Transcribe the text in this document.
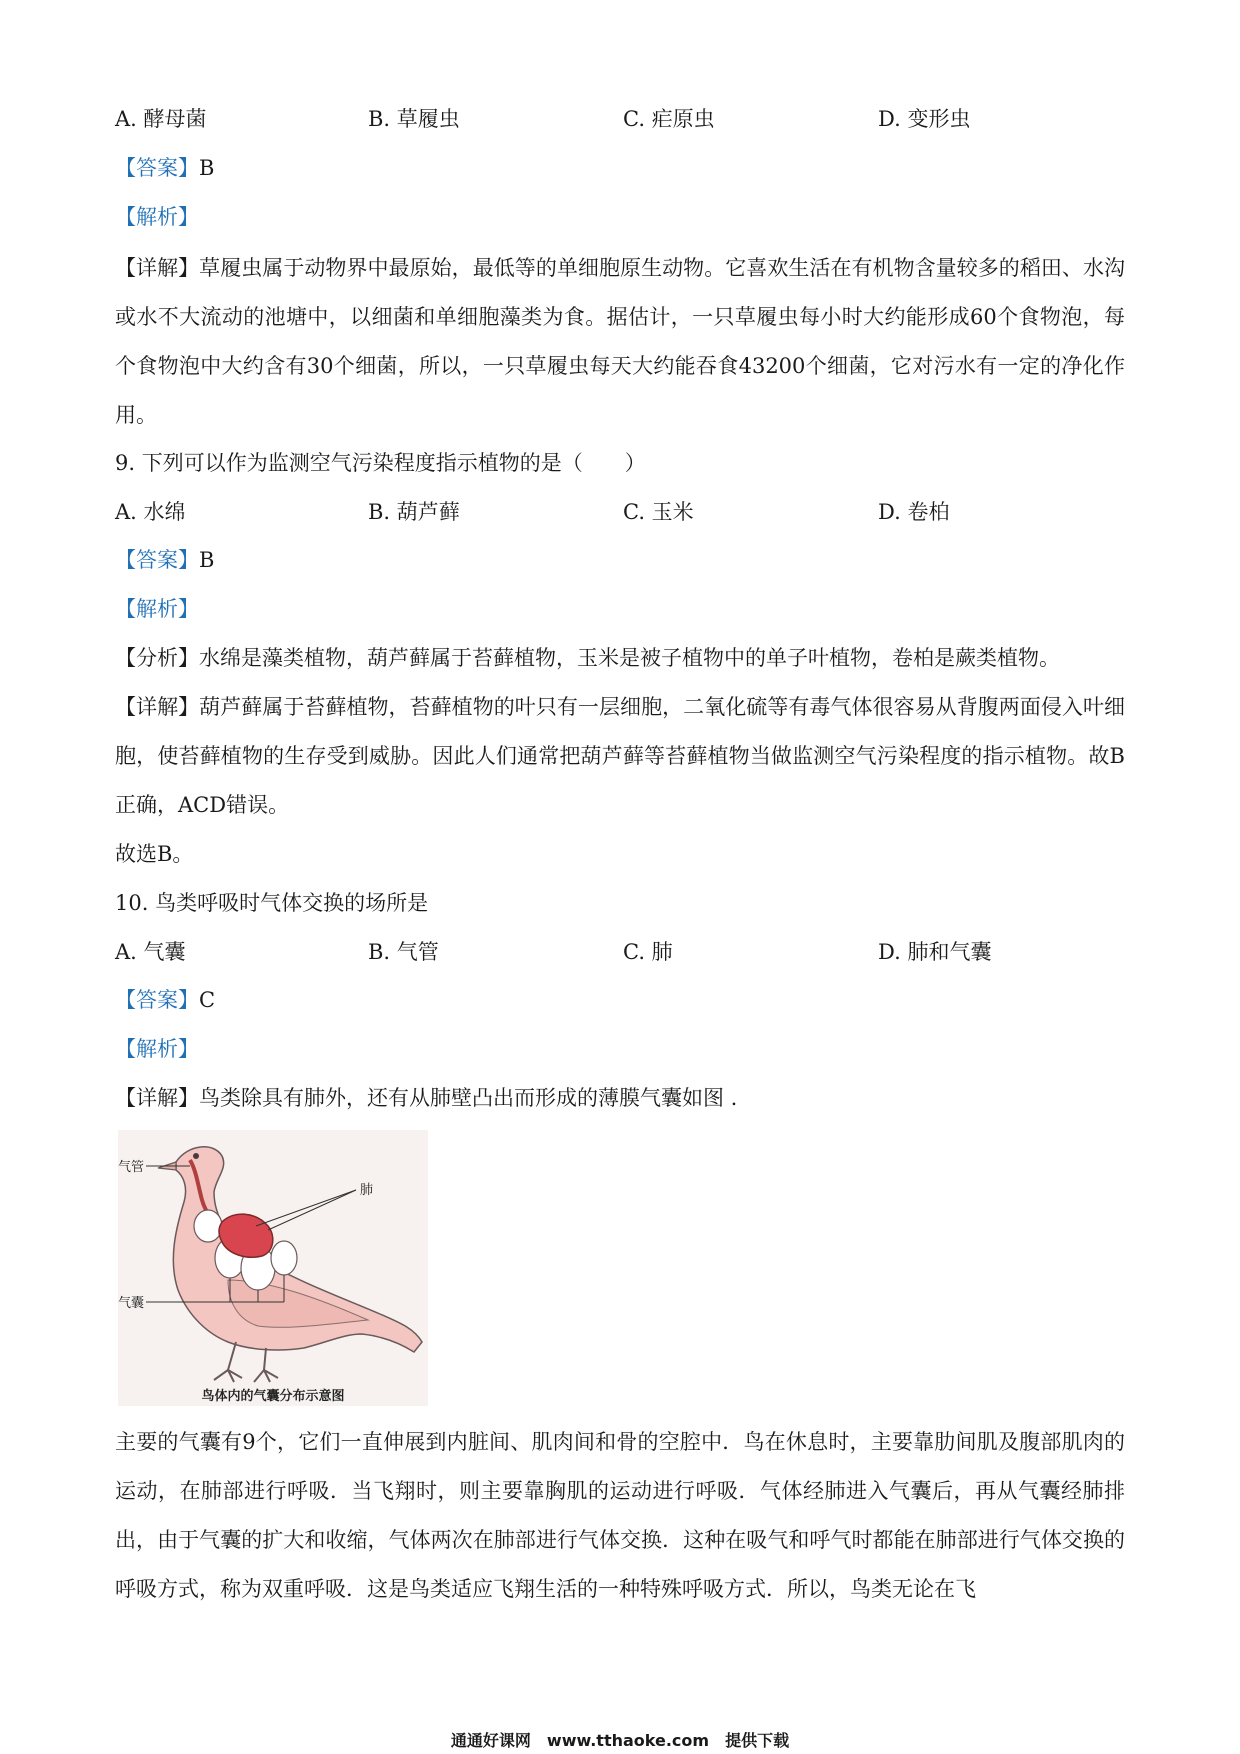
A. 酵母菌	B. 草履虫	C. 疟原虫	D. 变形虫
【答案】B
【解析】
【详解】草履虫属于动物界中最原始，最低等的单细胞原生动物。它喜欢生活在有机物含量较多的稻田、水沟或水不大流动的池塘中，以细菌和单细胞藻类为食。据估计，一只草履虫每小时大约能形成60个食物泡，每个食物泡中大约含有30个细菌，所以，一只草履虫每天大约能吞食43200个细菌，它对污水有一定的净化作用。
9. 下列可以作为监测空气污染程度指示植物的是（　　）
A. 水绵	B. 葫芦藓	C. 玉米	D. 卷柏
【答案】B
【解析】
【分析】水绵是藻类植物，葫芦藓属于苔藓植物，玉米是被子植物中的单子叶植物，卷柏是蕨类植物。
【详解】葫芦藓属于苔藓植物，苔藓植物的叶只有一层细胞，二氧化硫等有毒气体很容易从背腹两面侵入叶细胞，使苔藓植物的生存受到威胁。因此人们通常把葫芦藓等苔藓植物当做监测空气污染程度的指示植物。故B正确，ACD错误。
故选B。
10. 鸟类呼吸时气体交换的场所是
A. 气囊	B. 气管	C. 肺	D. 肺和气囊
【答案】C
【解析】
【详解】鸟类除具有肺外，还有从肺壁凸出而形成的薄膜气囊如图 .
气管
肺
气囊
鸟体内的气囊分布示意图
主要的气囊有9个，它们一直伸展到内脏间、肌肉间和骨的空腔中．鸟在休息时，主要靠肋间肌及腹部肌肉的运动，在肺部进行呼吸．当飞翔时，则主要靠胸肌的运动进行呼吸．气体经肺进入气囊后，再从气囊经肺排出，由于气囊的扩大和收缩，气体两次在肺部进行气体交换．这种在吸气和呼气时都能在肺部进行气体交换的呼吸方式，称为双重呼吸．这是鸟类适应飞翔生活的一种特殊呼吸方式．所以，鸟类无论在飞
通通好课网　www.tthaoke.com　提供下载
